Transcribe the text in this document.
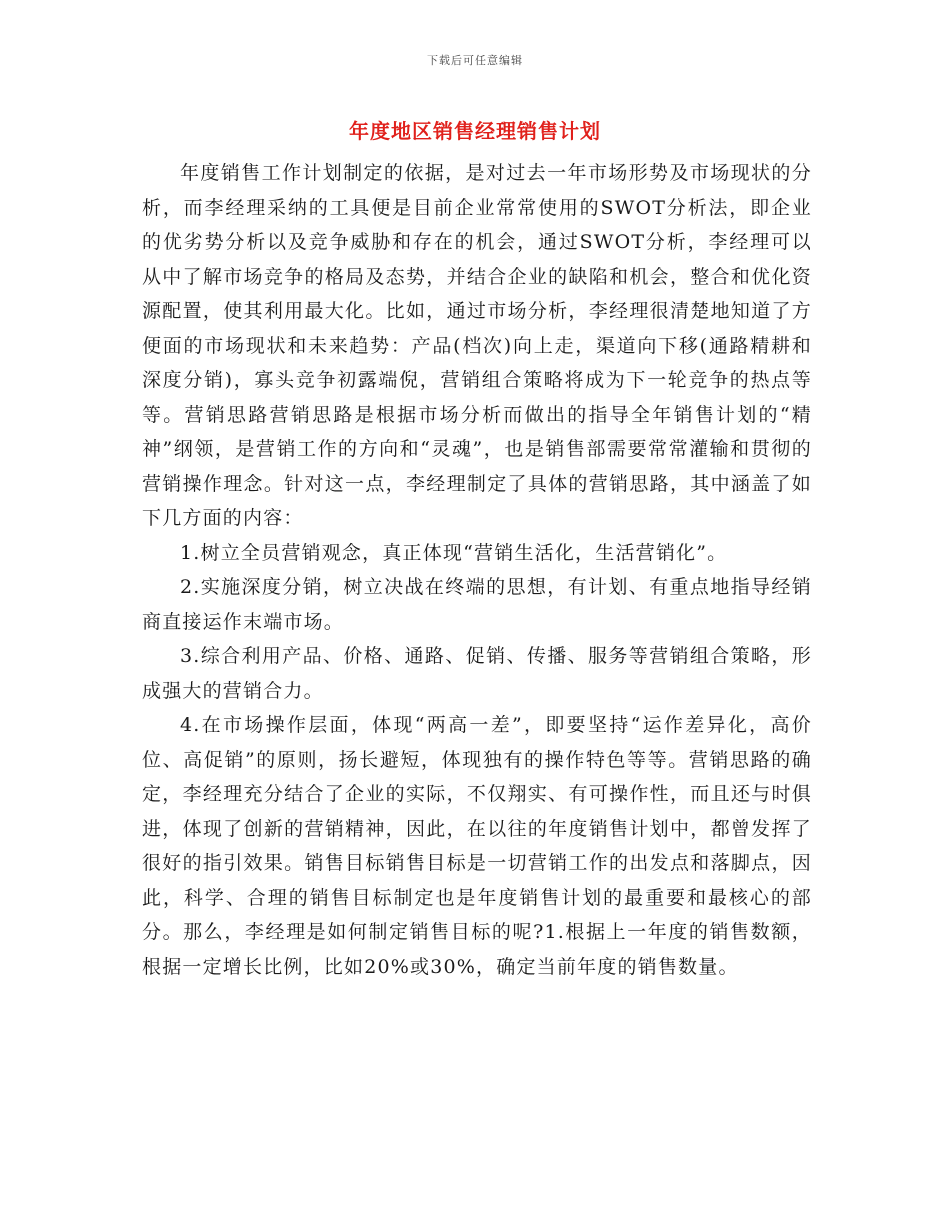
下载后可任意编辑
年度地区销售经理销售计划

年度销售工作计划制定的依据，是对过去一年市场形势及市场现状的分析，而李经理采纳的工具便是目前企业常常使用的SWOT分析法，即企业的优劣势分析以及竞争威胁和存在的机会，通过SWOT分析，李经理可以从中了解市场竞争的格局及态势，并结合企业的缺陷和机会，整合和优化资源配置，使其利用最大化。比如，通过市场分析，李经理很清楚地知道了方便面的市场现状和未来趋势：产品(档次)向上走，渠道向下移(通路精耕和深度分销)，寡头竞争初露端倪，营销组合策略将成为下一轮竞争的热点等等。营销思路营销思路是根据市场分析而做出的指导全年销售计划的“精神”纲领，是营销工作的方向和“灵魂”，也是销售部需要常常灌输和贯彻的营销操作理念。针对这一点，李经理制定了具体的营销思路，其中涵盖了如下几方面的内容：

1.树立全员营销观念，真正体现“营销生活化，生活营销化”。

2.实施深度分销，树立决战在终端的思想，有计划、有重点地指导经销商直接运作末端市场。

3.综合利用产品、价格、通路、促销、传播、服务等营销组合策略，形成强大的营销合力。

4.在市场操作层面，体现“两高一差”，即要坚持“运作差异化，高价位、高促销”的原则，扬长避短，体现独有的操作特色等等。营销思路的确定，李经理充分结合了企业的实际，不仅翔实、有可操作性，而且还与时俱进，体现了创新的营销精神，因此，在以往的年度销售计划中，都曾发挥了很好的指引效果。销售目标销售目标是一切营销工作的出发点和落脚点，因此，科学、合理的销售目标制定也是年度销售计划的最重要和最核心的部分。那么，李经理是如何制定销售目标的呢?1.根据上一年度的销售数额，根据一定增长比例，比如20%或30%，确定当前年度的销售数量。
